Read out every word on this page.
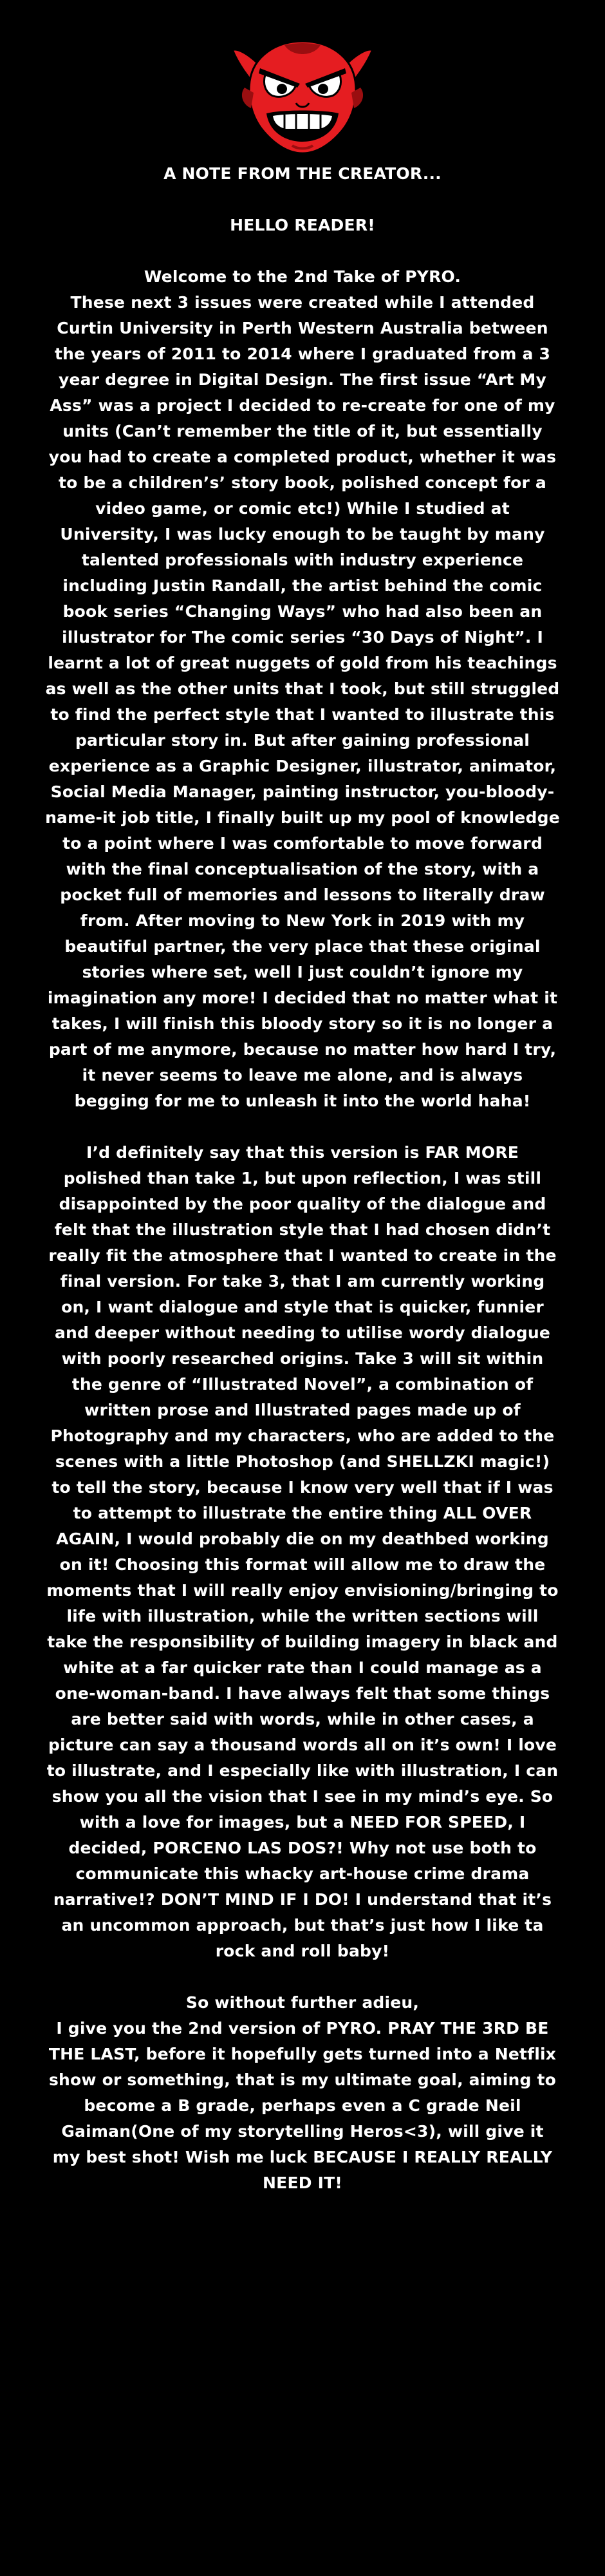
A NOTE FROM THE CREATOR...

HELLO READER!

Welcome to the 2nd Take of PYRO.
These next 3 issues were created while I attended Curtin University in Perth Western Australia between the years of 2011 to 2014 where I graduated from a 3 year degree in Digital Design. The first issue “Art My Ass” was a project I decided to re-create for one of my units (Can’t remember the title of it, but essentially you had to create a completed product, whether it was to be a children’s’ story book, polished concept for a video game, or comic etc!) While I studied at University, I was lucky enough to be taught by many talented professionals with industry experience including Justin Randall, the artist behind the comic book series “Changing Ways” who had also been an illustrator for The comic series “30 Days of Night”. I learnt a lot of great nuggets of gold from his teachings as well as the other units that I took, but still struggled to find the perfect style that I wanted to illustrate this particular story in. But after gaining professional experience as a Graphic Designer, illustrator, animator, Social Media Manager, painting instructor, you-bloody-name-it job title, I finally built up my pool of knowledge to a point where I was comfortable to move forward with the final conceptualisation of the story, with a pocket full of memories and lessons to literally draw from. After moving to New York in 2019 with my beautiful partner, the very place that these original stories where set, well I just couldn’t ignore my imagination any more! I decided that no matter what it takes, I will finish this bloody story so it is no longer a part of me anymore, because no matter how hard I try, it never seems to leave me alone, and is always begging for me to unleash it into the world haha!

I’d definitely say that this version is FAR MORE polished than take 1, but upon reflection, I was still disappointed by the poor quality of the dialogue and felt that the illustration style that I had chosen didn’t really fit the atmosphere that I wanted to create in the final version. For take 3, that I am currently working on, I want dialogue and style that is quicker, funnier and deeper without needing to utilise wordy dialogue with poorly researched origins. Take 3 will sit within the genre of “Illustrated Novel”, a combination of written prose and Illustrated pages made up of Photography and my characters, who are added to the scenes with a little Photoshop (and SHELLZKI magic!) to tell the story, because I know very well that if I was to attempt to illustrate the entire thing ALL OVER AGAIN, I would probably die on my deathbed working on it! Choosing this format will allow me to draw the moments that I will really enjoy envisioning/bringing to life with illustration, while the written sections will take the responsibility of building imagery in black and white at a far quicker rate than I could manage as a one-woman-band. I have always felt that some things are better said with words, while in other cases, a picture can say a thousand words all on it’s own! I love to illustrate, and I especially like with illustration, I can show you all the vision that I see in my mind’s eye. So with a love for images, but a NEED FOR SPEED, I decided, PORCENO LAS DOS?! Why not use both to communicate this whacky art-house crime drama narrative!? DON’T MIND IF I DO! I understand that it’s an uncommon approach, but that’s just how I like ta rock and roll baby!

So without further adieu,
I give you the 2nd version of PYRO. PRAY THE 3RD BE THE LAST, before it hopefully gets turned into a Netflix show or something, that is my ultimate goal, aiming to become a B grade, perhaps even a C grade Neil Gaiman(One of my storytelling Heros<3), will give it my best shot! Wish me luck BECAUSE I REALLY REALLY NEED IT!
